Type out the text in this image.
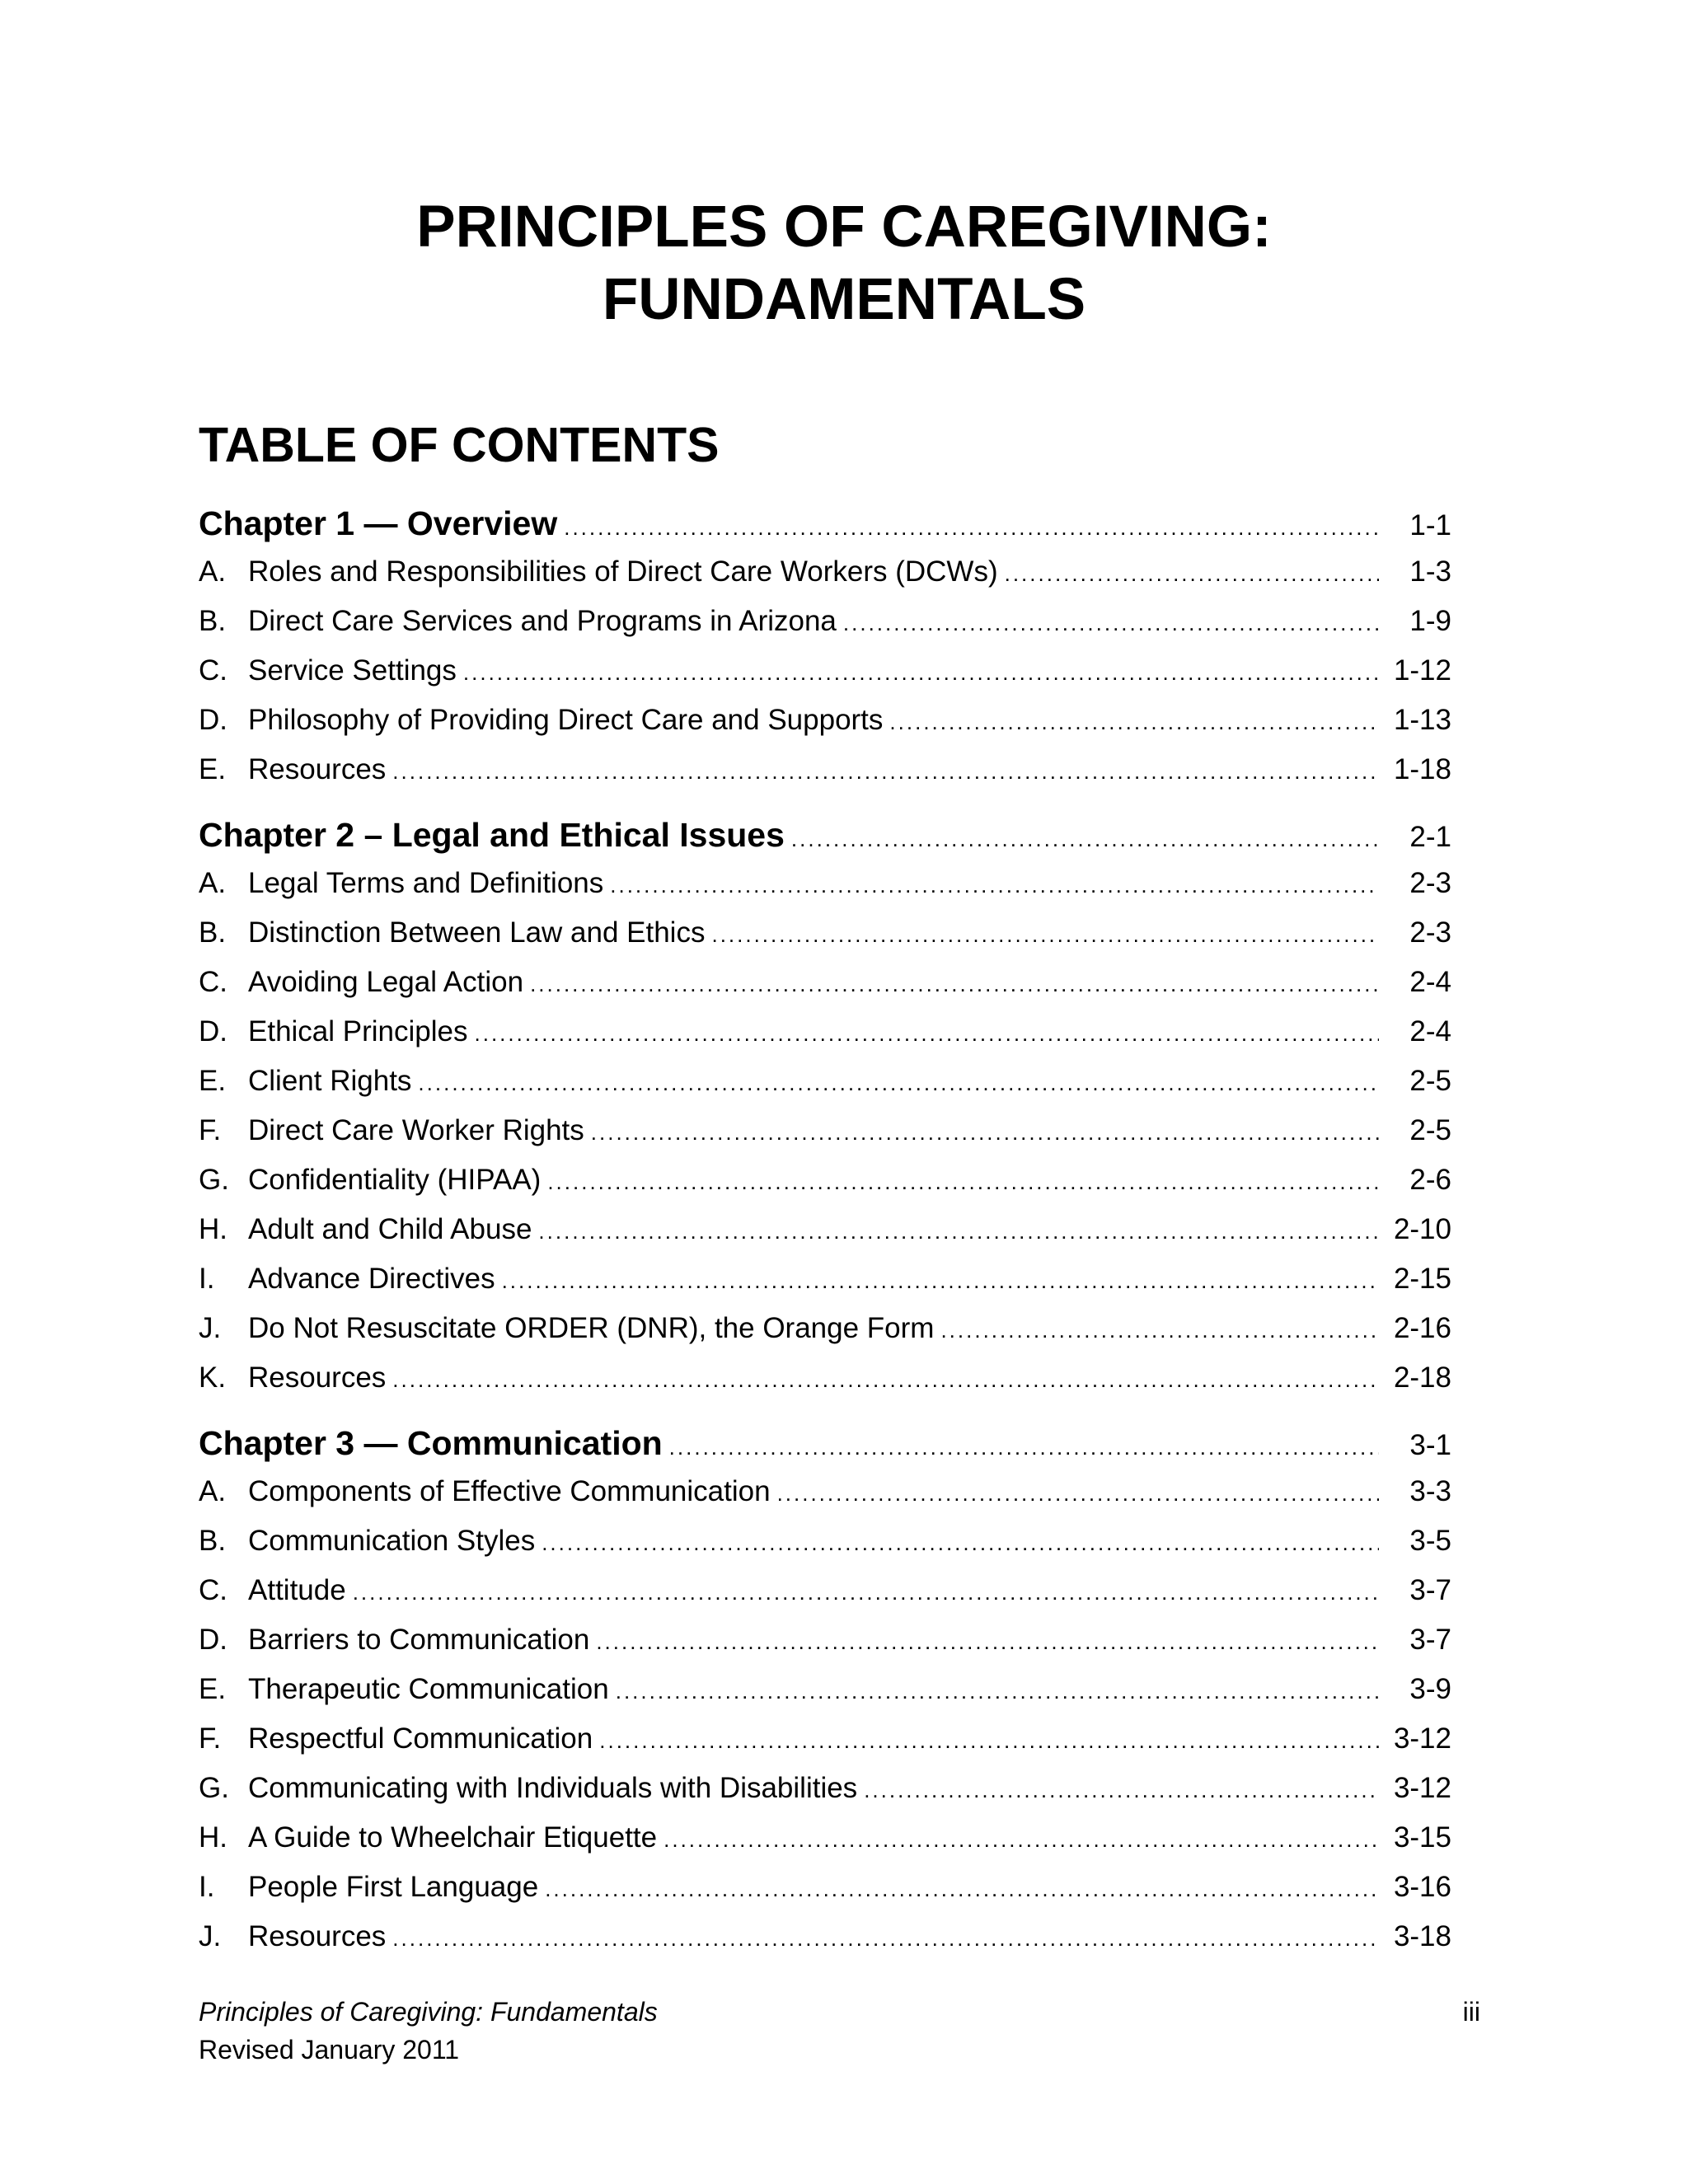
PRINCIPLES OF CAREGIVING:
FUNDAMENTALS
TABLE OF CONTENTS
Chapter 1 — Overview .....	1-1
A. Roles and Responsibilities of Direct Care Workers (DCWs) .....	1-3
B. Direct Care Services and Programs in Arizona .....	1-9
C. Service Settings .....	1-12
D. Philosophy of Providing Direct Care and Supports .....	1-13
E. Resources .....	1-18
Chapter 2 – Legal and Ethical Issues .....	2-1
A. Legal Terms and Definitions .....	2-3
B. Distinction Between Law and Ethics .....	2-3
C. Avoiding Legal Action .....	2-4
D. Ethical Principles .....	2-4
E. Client Rights .....	2-5
F. Direct Care Worker Rights .....	2-5
G. Confidentiality (HIPAA) .....	2-6
H. Adult and Child Abuse .....	2-10
I.	Advance Directives .....	2-15
J. Do Not Resuscitate ORDER (DNR), the Orange Form .....	2-16
K. Resources .....	2-18
Chapter 3 — Communication .....	3-1
A. Components of Effective Communication .....	3-3
B. Communication Styles .....	3-5
C. Attitude .....	3-7
D. Barriers to Communication .....	3-7
E. Therapeutic Communication .....	3-9
F. Respectful Communication .....	3-12
G. Communicating with Individuals with Disabilities .....	3-12
H. A Guide to Wheelchair Etiquette .....	3-15
I.	People First Language .....	3-16
J. Resources .....	3-18
Principles of Caregiving: Fundamentals
Revised January 2011
iii
